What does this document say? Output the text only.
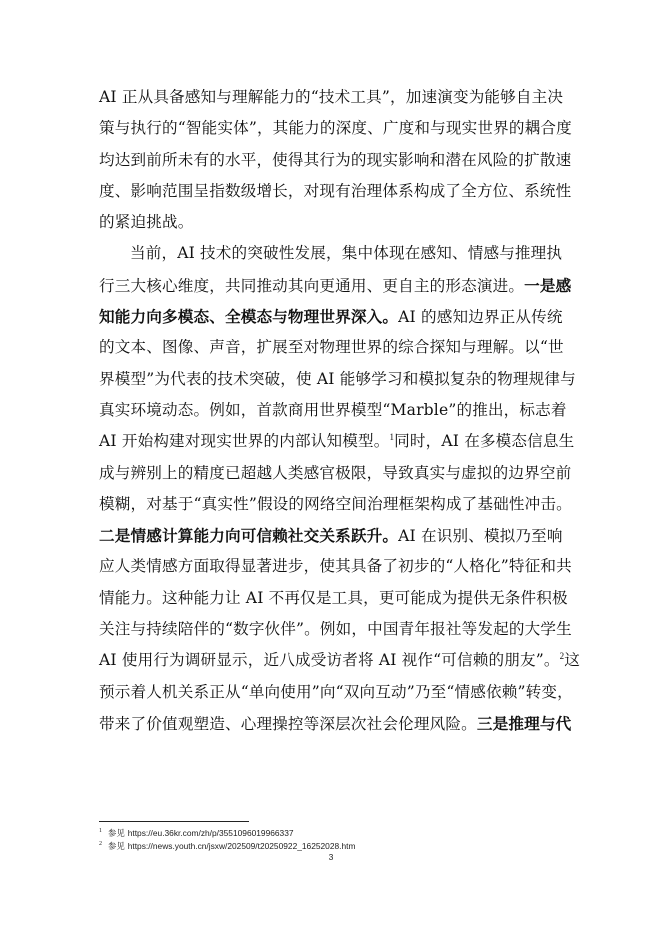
AI 正从具备感知与理解能力的“技术工具”，加速演变为能够自主决
策与执行的“智能实体”，其能力的深度、广度和与现实世界的耦合度
均达到前所未有的水平，使得其行为的现实影响和潜在风险的扩散速
度、影响范围呈指数级增长，对现有治理体系构成了全方位、系统性
的紧迫挑战。
当前，AI 技术的突破性发展，集中体现在感知、情感与推理执
行三大核心维度，共同推动其向更通用、更自主的形态演进。一是感
知能力向多模态、全模态与物理世界深入。AI 的感知边界正从传统
的文本、图像、声音，扩展至对物理世界的综合探知与理解。以“世
界模型”为代表的技术突破，使 AI 能够学习和模拟复杂的物理规律与
真实环境动态。例如，首款商用世界模型“Marble”的推出，标志着
AI 开始构建对现实世界的内部认知模型。$^1$同时，AI 在多模态信息生
成与辨别上的精度已超越人类感官极限，导致真实与虚拟的边界空前
模糊，对基于“真实性”假设的网络空间治理框架构成了基础性冲击。
二是情感计算能力向可信赖社交关系跃升。AI 在识别、模拟乃至响
应人类情感方面取得显著进步，使其具备了初步的“人格化”特征和共
情能力。这种能力让 AI 不再仅是工具，更可能成为提供无条件积极
关注与持续陪伴的“数字伙伴”。例如，中国青年报社等发起的大学生
AI 使用行为调研显示，近八成受访者将 AI 视作“可信赖的朋友”。$^2$这
预示着人机关系正从“单向使用”向“双向互动”乃至“情感依赖”转变，
带来了价值观塑造、心理操控等深层次社会伦理风险。三是推理与代
$^1$ 参见 https://eu.36kr.com/zh/p/3551096019966337
$^2$ 参见 https://news.youth.cn/jsxw/202509/t20250922_16252028.htm
3
